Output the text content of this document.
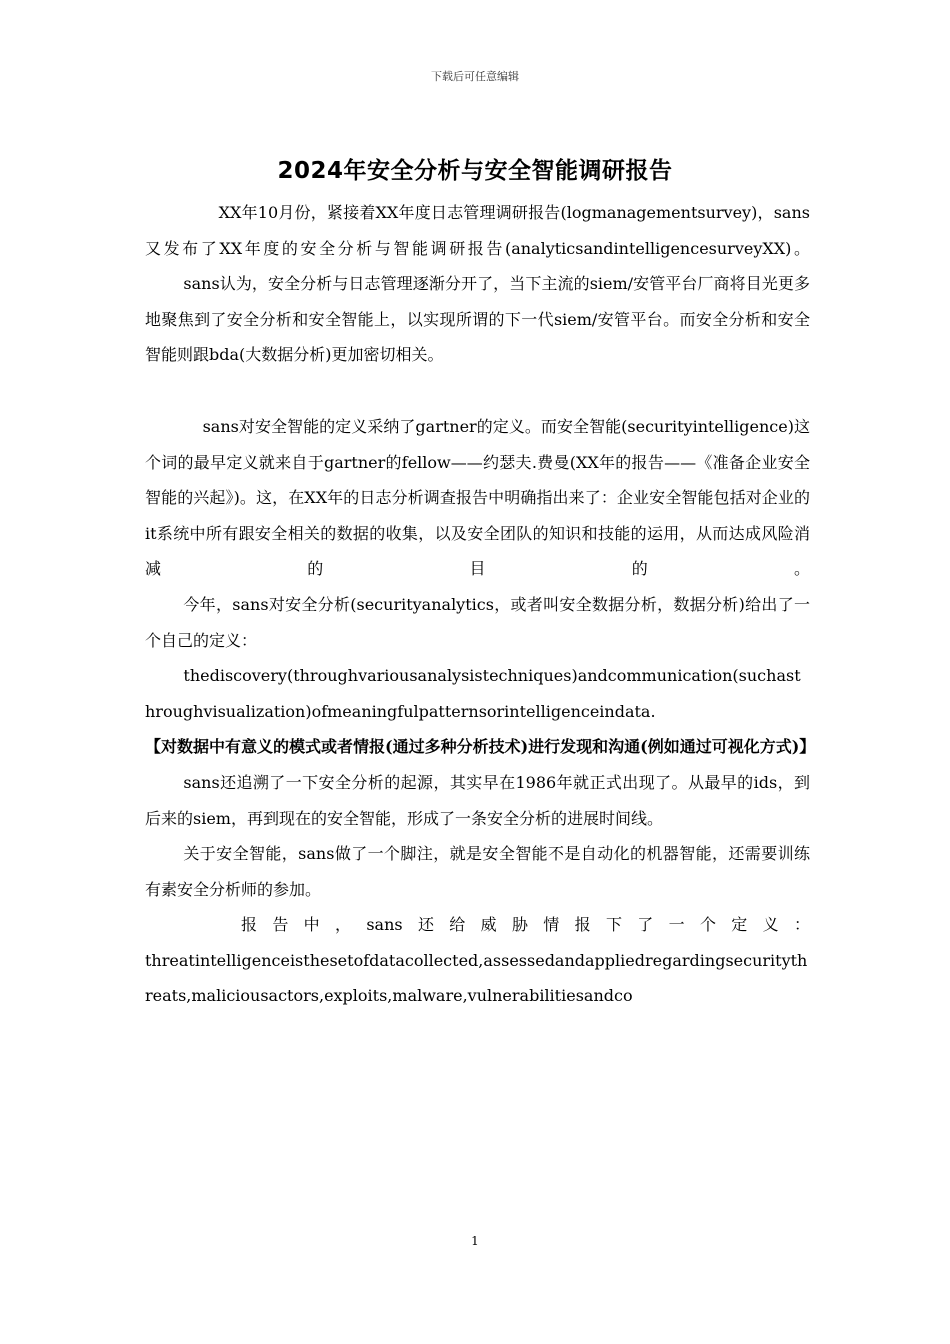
下载后可任意编辑
2024年安全分析与安全智能调研报告

XX年10月份，紧接着XX年度日志管理调研报告(logmanagementsurvey)，sans又发布了XX年度的安全分析与智能调研报告(analyticsandintelligencesurveyXX)。

sans认为，安全分析与日志管理逐渐分开了，当下主流的siem/安管平台厂商将目光更多地聚焦到了安全分析和安全智能上，以实现所谓的下一代siem/安管平台。而安全分析和安全智能则跟bda(大数据分析)更加密切相关。

sans对安全智能的定义采纳了gartner的定义。而安全智能(securityintelligence)这个词的最早定义就来自于gartner的fellow——约瑟夫.费曼(XX年的报告——《准备企业安全智能的兴起》)。这，在XX年的日志分析调查报告中明确指出来了：企业安全智能包括对企业的it系统中所有跟安全相关的数据的收集，以及安全团队的知识和技能的运用，从而达成风险消减的目的。

今年，sans对安全分析(securityanalytics，或者叫安全数据分析，数据分析)给出了一个自己的定义：

thediscovery(throughvariousanalysistechniques)andcommunication(suchasthroughvisualization)ofmeaningfulpatternsorintelligenceindata.

【对数据中有意义的模式或者情报(通过多种分析技术)进行发现和沟通(例如通过可视化方式)】

sans还追溯了一下安全分析的起源，其实早在1986年就正式出现了。从最早的ids，到后来的siem，再到现在的安全智能，形成了一条安全分析的进展时间线。

关于安全智能，sans做了一个脚注，就是安全智能不是自动化的机器智能，还需要训练有素安全分析师的参加。

报告中，sans还给威胁情报下了一个定义：

threatintelligenceisthesetofdatacollected,assessedandappliedregardingsecuritythreats,maliciousactors,exploits,malware,vulnerabilitiesandco

1
